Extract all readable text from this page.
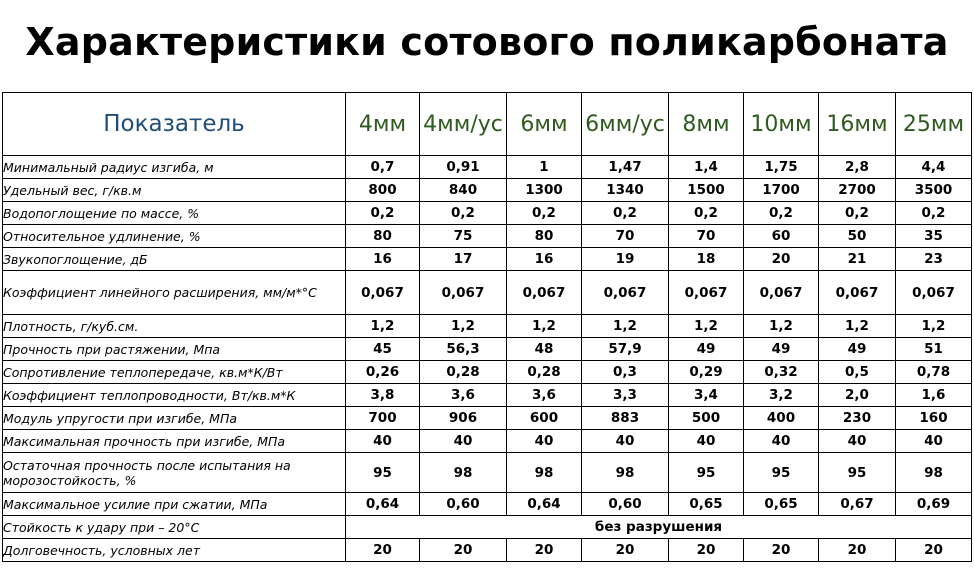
Характеристики сотового поликарбоната
Показатель	4мм	4мм/ус	6мм	6мм/ус	8мм	10мм	16мм	25мм
Минимальный радиус изгиба, м	0,7	0,91	1	1,47	1,4	1,75	2,8	4,4
Удельный вес, г/кв.м	800	840	1300	1340	1500	1700	2700	3500
Водопоглощение по массе, %	0,2	0,2	0,2	0,2	0,2	0,2	0,2	0,2
Относительное удлинение, %	80	75	80	70	70	60	50	35
Звукопоглощение, дБ	16	17	16	19	18	20	21	23
Коэффициент линейного расширения, мм/м*°С	0,067	0,067	0,067	0,067	0,067	0,067	0,067	0,067
Плотность, г/куб.см.	1,2	1,2	1,2	1,2	1,2	1,2	1,2	1,2
Прочность при растяжении, Мпа	45	56,3	48	57,9	49	49	49	51
Сопротивление теплопередаче, кв.м*К/Вт	0,26	0,28	0,28	0,3	0,29	0,32	0,5	0,78
Коэффициент теплопроводности, Вт/кв.м*К	3,8	3,6	3,6	3,3	3,4	3,2	2,0	1,6
Модуль упругости при изгибе, МПа	700	906	600	883	500	400	230	160
Максимальная прочность при изгибе, МПа	40	40	40	40	40	40	40	40
Остаточная прочность после испытания на морозостойкость, %	95	98	98	98	95	95	95	98
Максимальное усилие при сжатии, МПа	0,64	0,60	0,64	0,60	0,65	0,65	0,67	0,69
Стойкость к удару при – 20°С	без разрушения							
Долговечность, условных лет	20	20	20	20	20	20	20	20
